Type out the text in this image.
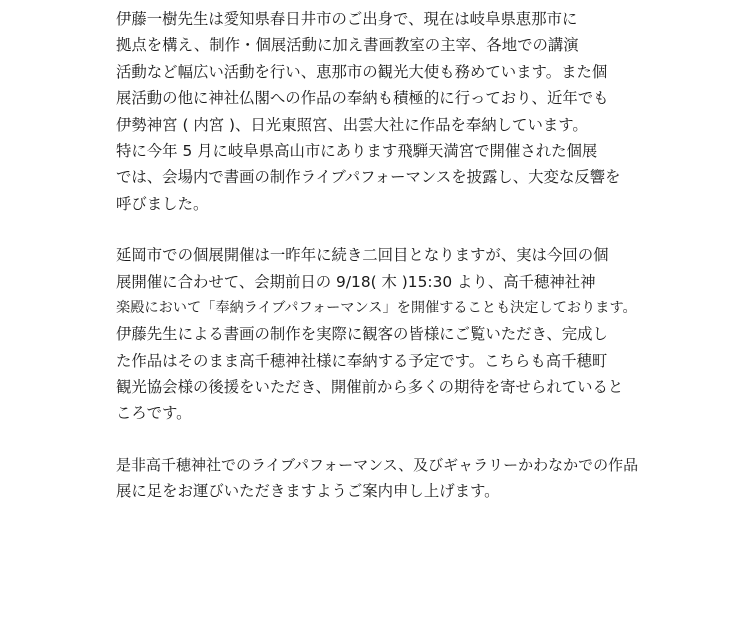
伊藤一樹先生は愛知県春日井市のご出身で、現在は岐阜県恵那市に
拠点を構え、制作・個展活動に加え書画教室の主宰、各地での講演
活動など幅広い活動を行い、恵那市の観光大使も務めています。また個
展活動の他に神社仏閣への作品の奉納も積極的に行っており、近年でも
伊勢神宮 ( 内宮 )、日光東照宮、出雲大社に作品を奉納しています。
特に今年 5 月に岐阜県高山市にあります飛騨天満宮で開催された個展
では、会場内で書画の制作ライブパフォーマンスを披露し、大変な反響を
呼びました。
延岡市での個展開催は一昨年に続き二回目となりますが、実は今回の個
展開催に合わせて、会期前日の 9/18( 木 )15:30 より、高千穂神社神
楽殿において「奉納ライブパフォーマンス」を開催することも決定しております。
伊藤先生による書画の制作を実際に観客の皆様にご覧いただき、完成し
た作品はそのまま高千穂神社様に奉納する予定です。こちらも高千穂町
観光協会様の後援をいただき、開催前から多くの期待を寄せられていると
ころです。
是非高千穂神社でのライブパフォーマンス、及びギャラリーかわなかでの作品
展に足をお運びいただきますようご案内申し上げます。
